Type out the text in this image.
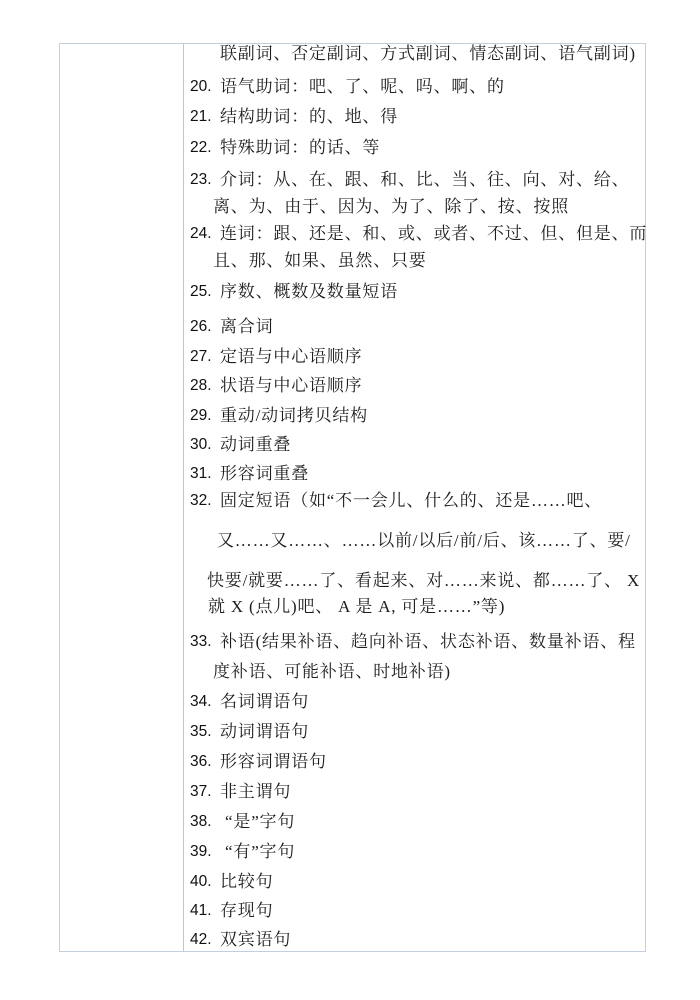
联副词、否定副词、方式副词、情态副词、语气副词)
20. 语气助词：吧、了、呢、吗、啊、的
21. 结构助词：的、地、得
22. 特殊助词：的话、等
23. 介词：从、在、跟、和、比、当、往、向、对、给、
离、为、由于、因为、为了、除了、按、按照
24. 连词：跟、还是、和、或、或者、不过、但、但是、而
且、那、如果、虽然、只要
25. 序数、概数及数量短语
26. 离合词
27. 定语与中心语顺序
28. 状语与中心语顺序
29. 重动/动词拷贝结构
30. 动词重叠
31. 形容词重叠
32. 固定短语（如“不一会儿、什么的、还是……吧、
又……又……、……以前/以后/前/后、该……了、要/
快要/就要……了、看起来、对……来说、都……了、 X
就 X (点儿)吧、 A 是 A, 可是……”等)
33. 补语(结果补语、趋向补语、状态补语、数量补语、程
度补语、可能补语、时地补语)
34. 名词谓语句
35. 动词谓语句
36. 形容词谓语句
37. 非主谓句
38. “是”字句
39. “有”字句
40. 比较句
41. 存现句
42. 双宾语句
